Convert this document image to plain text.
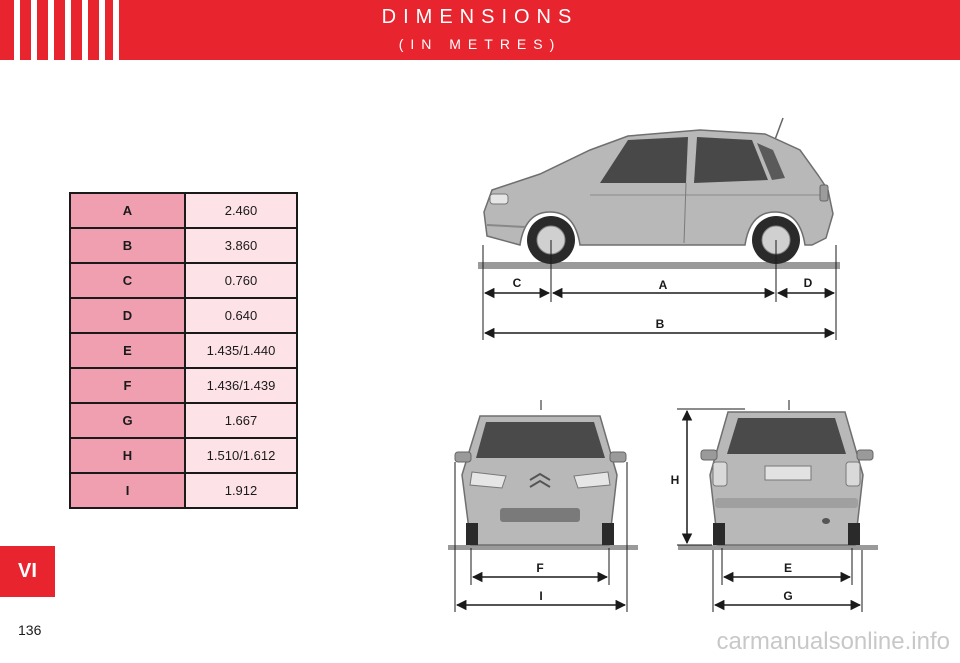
DIMENSIONS
(IN METRES)
A	2.460
B	3.860
C	0.760
D	0.640
E	1.435/1.440
F	1.436/1.439
G	1.667
H	1.510/1.612
I	1.912
C	A	D
B
F
I
H
E
G
VI
136	carmanualsonline.info
